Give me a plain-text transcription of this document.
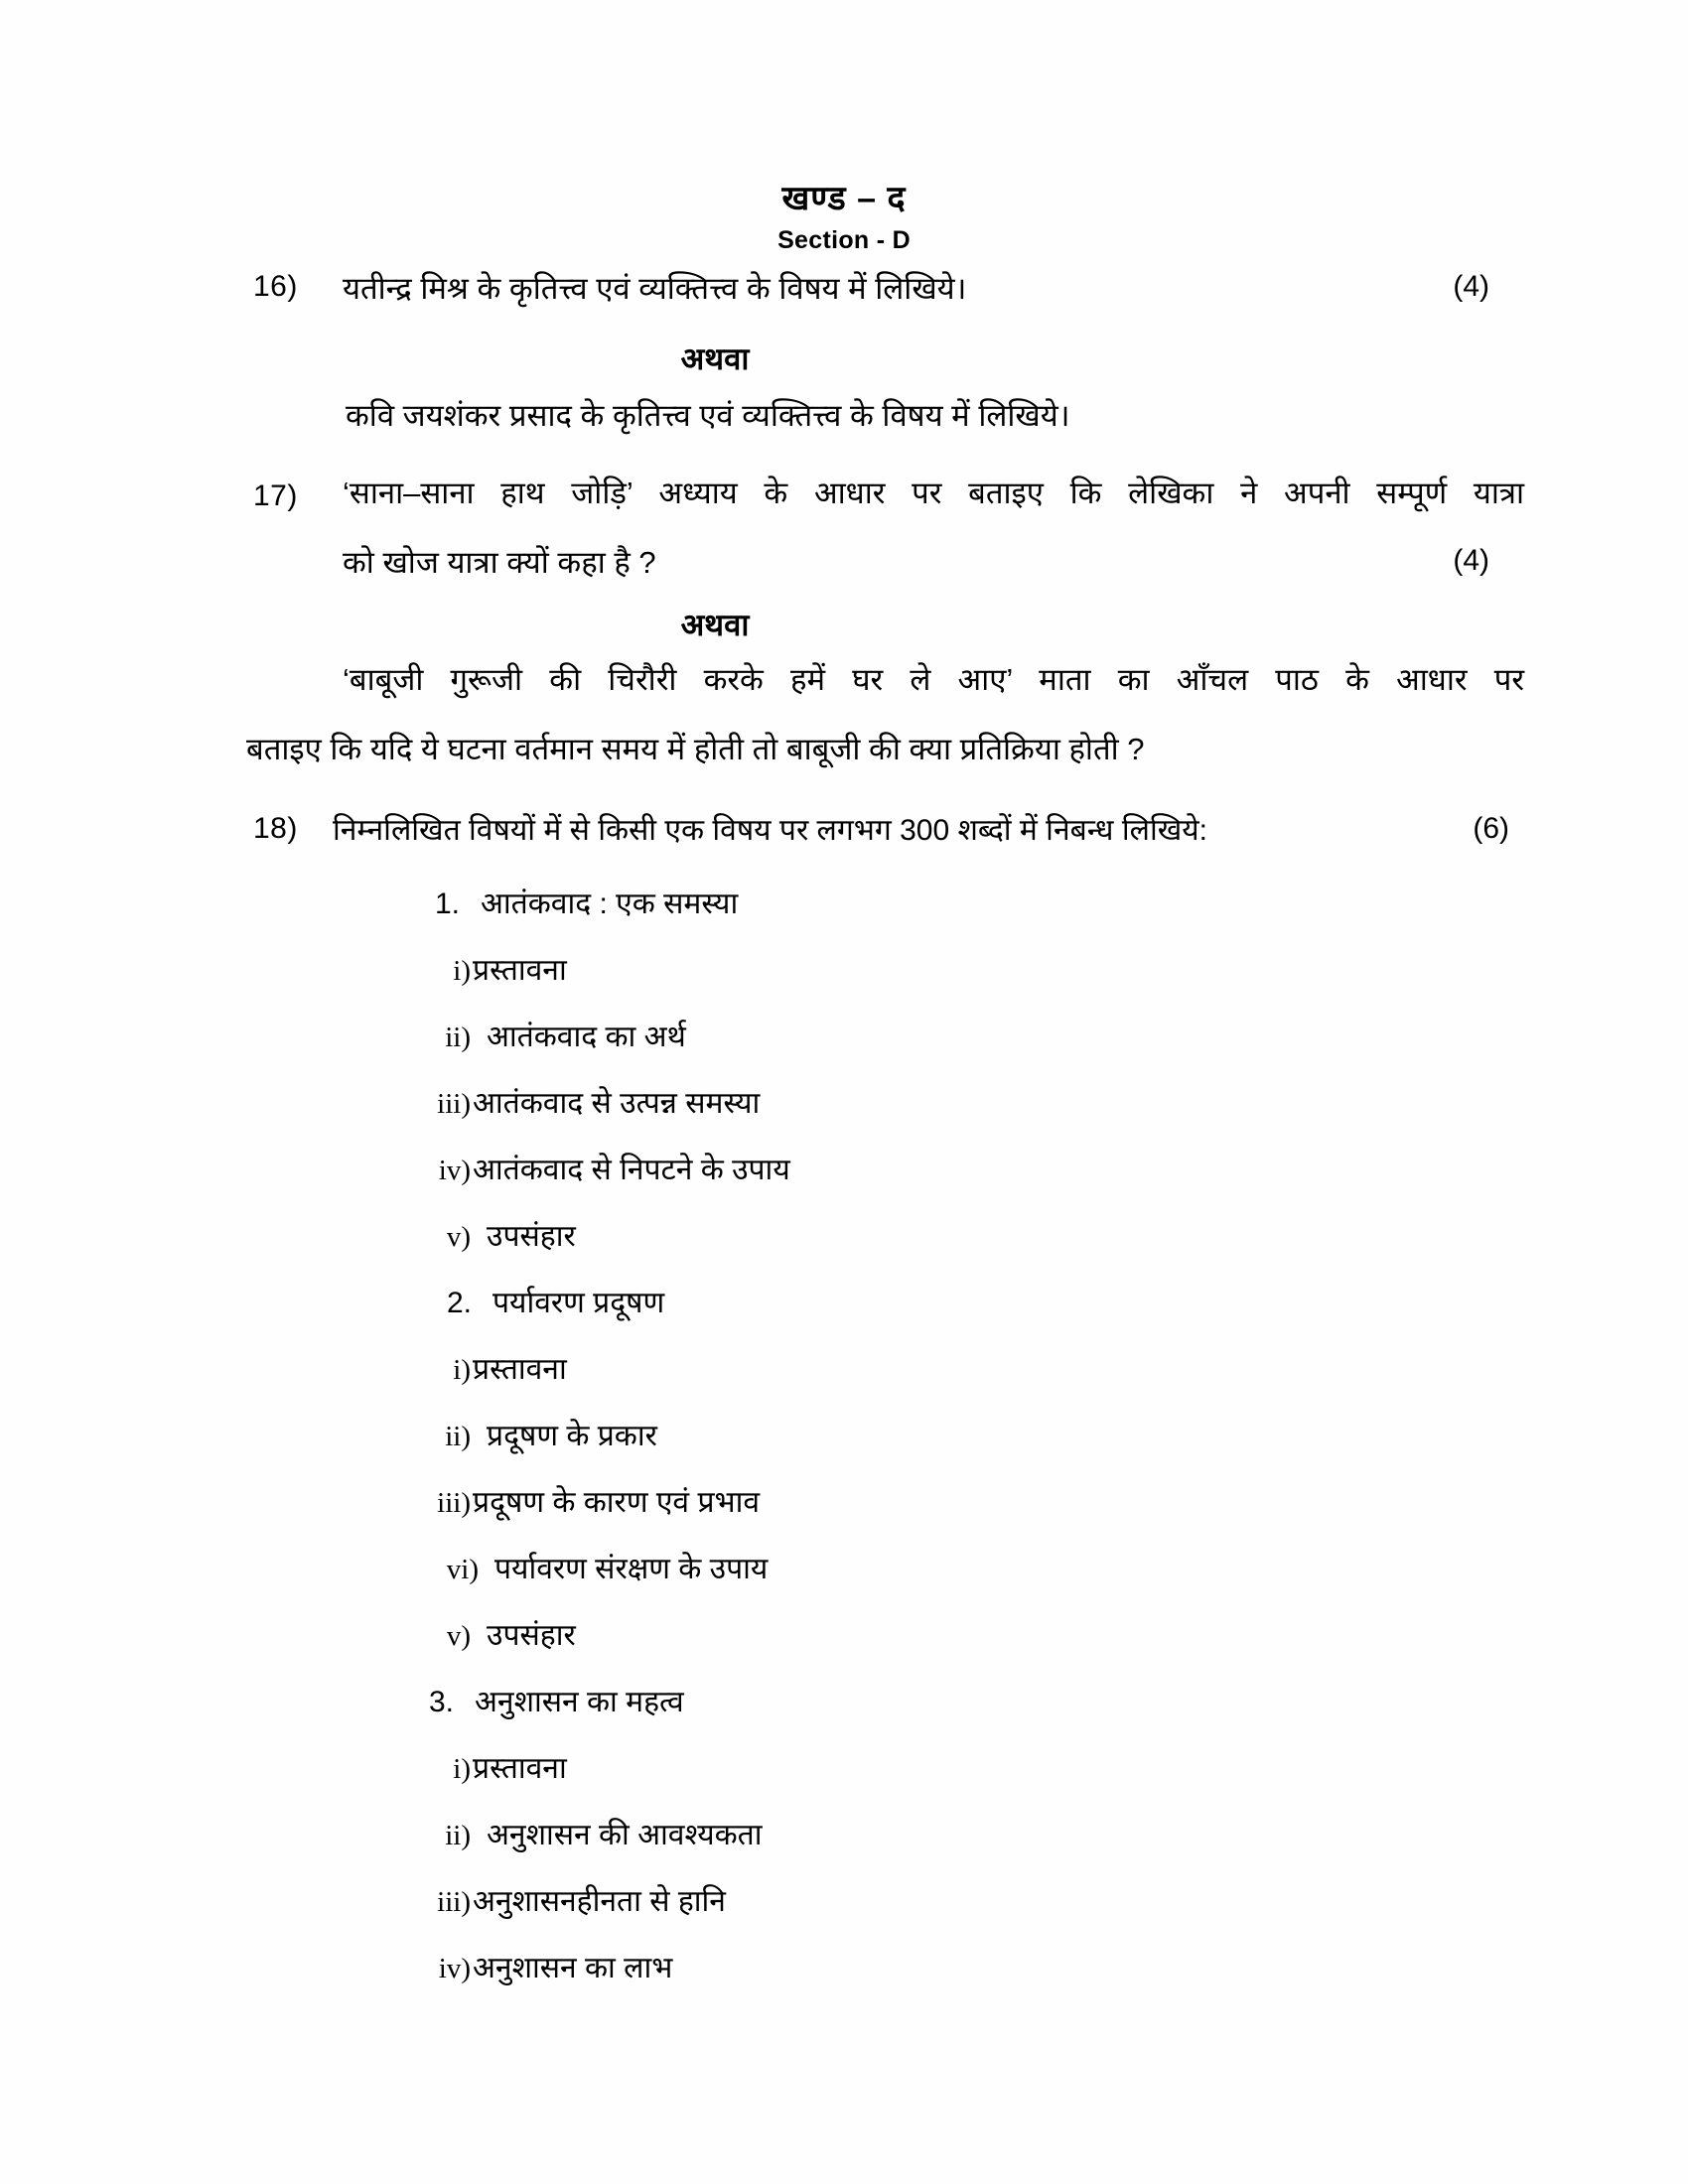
खण्ड – द
Section - D
16) यतीन्द्र मिश्र के कृतित्त्व एवं व्यक्तित्त्व के विषय में लिखिये।	(4)
अथवा
कवि जयशंकर प्रसाद के कृतित्त्व एवं व्यक्तित्त्व के विषय में लिखिये।
17) ‘साना–साना हाथ जोड़ि’ अध्याय के आधार पर बताइए कि लेखिका ने अपनी सम्पूर्ण यात्रा
को खोज यात्रा क्यों कहा है ?	(4)
अथवा
‘बाबूजी गुरूजी की चिरौरी करके हमें घर ले आए’ माता का आँचल पाठ के आधार पर
बताइए कि यदि ये घटना वर्तमान समय में होती तो बाबूजी की क्या प्रतिक्रिया होती ?
18) निम्नलिखित विषयों में से किसी एक विषय पर लगभग 300 शब्दों में निबन्ध लिखिये:	(6)
1. आतंकवाद : एक समस्या
i) प्रस्तावना
ii) आतंकवाद का अर्थ
iii) आतंकवाद से उत्पन्न समस्या
iv) आतंकवाद से निपटने के उपाय
v) उपसंहार
2. पर्यावरण प्रदूषण
i) प्रस्तावना
ii) प्रदूषण के प्रकार
iii) प्रदूषण के कारण एवं प्रभाव
vi) पर्यावरण संरक्षण के उपाय
v) उपसंहार
3. अनुशासन का महत्व
i) प्रस्तावना
ii) अनुशासन की आवश्यकता
iii) अनुशासनहीनता से हानि
iv) अनुशासन का लाभ
